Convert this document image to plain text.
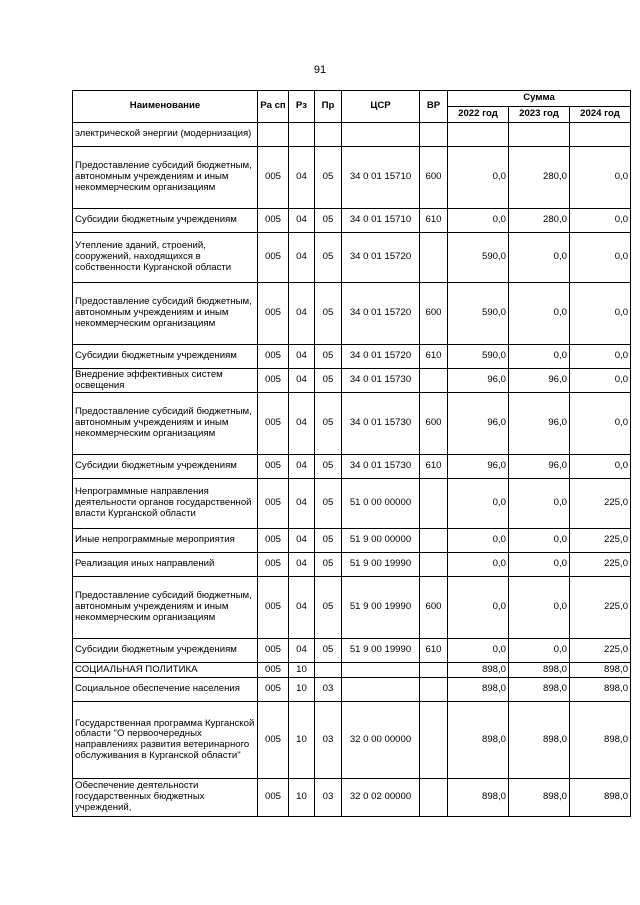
91
Наименование	Ра сп	Рз	Пр	ЦСР	ВР	Сумма		
						2022 год	2023 год	2024 год
электрической энергии (модернизация)								
Предоставление субсидий бюджетным, автономным учреждениям и иным некоммерческим организациям	005	04	05	34 0 01 15710	600	0,0	280,0	0,0
Субсидии бюджетным учреждениям	005	04	05	34 0 01 15710	610	0,0	280,0	0,0
Утепление зданий, строений, сооружений, находящихся в собственности Курганской области	005	04	05	34 0 01 15720		590,0	0,0	0,0
Предоставление субсидий бюджетным, автономным учреждениям и иным некоммерческим организациям	005	04	05	34 0 01 15720	600	590,0	0,0	0,0
Субсидии бюджетным учреждениям	005	04	05	34 0 01 15720	610	590,0	0,0	0,0
Внедрение эффективных систем освещения	005	04	05	34 0 01 15730		96,0	96,0	0,0
Предоставление субсидий бюджетным, автономным учреждениям и иным некоммерческим организациям	005	04	05	34 0 01 15730	600	96,0	96,0	0,0
Субсидии бюджетным учреждениям	005	04	05	34 0 01 15730	610	96,0	96,0	0,0
Непрограммные направления деятельности органов государственной власти Курганской области	005	04	05	51 0 00 00000		0,0	0,0	225,0
Иные непрограммные мероприятия	005	04	05	51 9 00 00000		0,0	0,0	225,0
Реализация иных направлений	005	04	05	51 9 00 19990		0,0	0,0	225,0
Предоставление субсидий бюджетным, автономным учреждениям и иным некоммерческим организациям	005	04	05	51 9 00 19990	600	0,0	0,0	225,0
Субсидии бюджетным учреждениям	005	04	05	51 9 00 19990	610	0,0	0,0	225,0
СОЦИАЛЬНАЯ ПОЛИТИКА	005	10				898,0	898,0	898,0
Социальное обеспечение населения	005	10	03			898,0	898,0	898,0
Государственная программа Курганской области "О первоочередных направлениях развития ветеринарного обслуживания в Курганской области"	005	10	03	32 0 00 00000		898,0	898,0	898,0
Обеспечение деятельности государственных бюджетных учреждений,	005	10	03	32 0 02 00000		898,0	898,0	898,0
